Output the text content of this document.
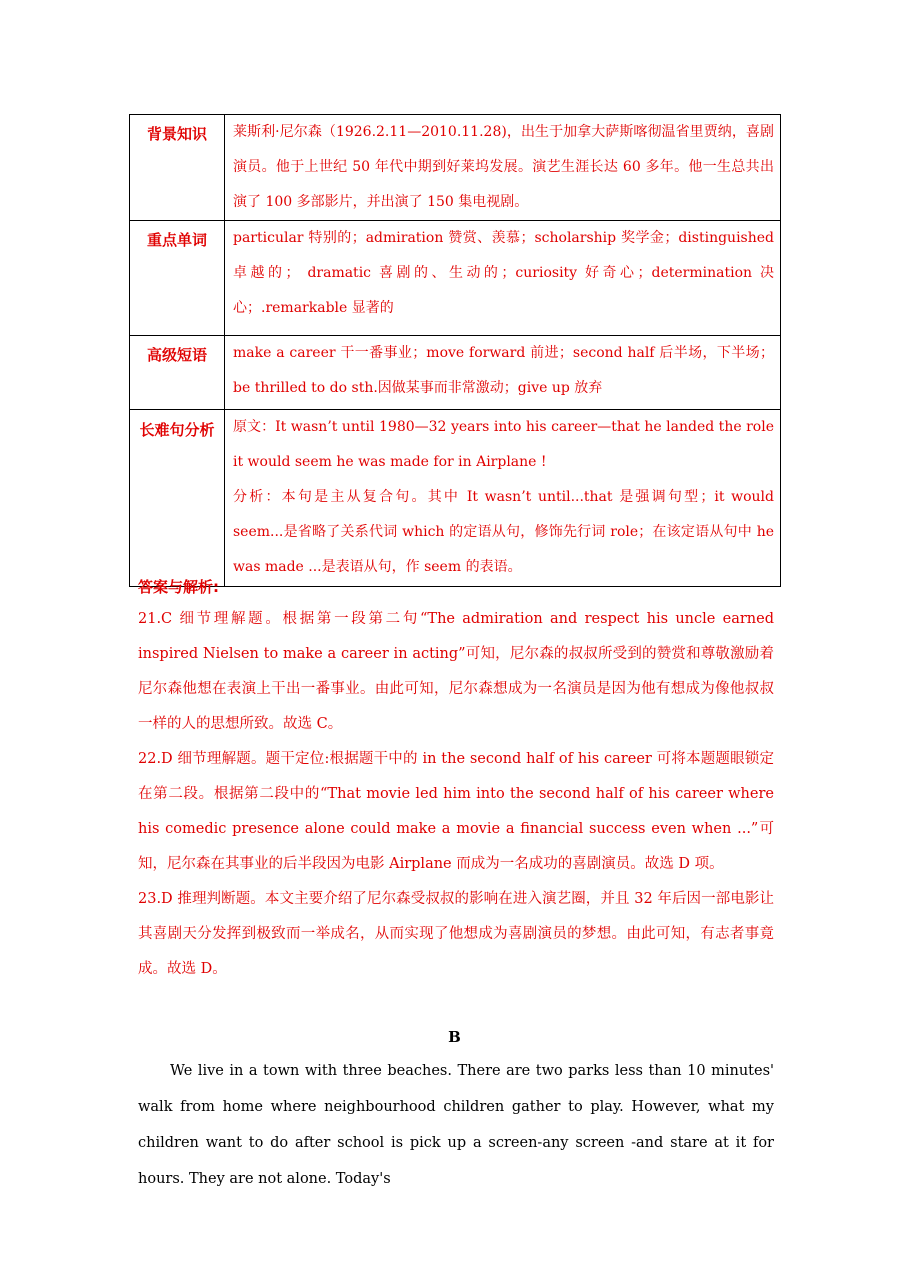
背景知识	莱斯利·尼尔森（1926.2.11—2010.11.28)，出生于加拿大萨斯喀彻温省里贾纳，喜剧演员。他于上世纪 50 年代中期到好莱坞发展。演艺生涯长达 60 多年。他一生总共出演了 100 多部影片，并出演了 150 集电视剧。
重点单词	particular 特别的；admiration 赞赏、羡慕；scholarship 奖学金；distinguished 卓越的； dramatic 喜剧的、生动的；curiosity 好奇心；determination 决心；.remarkable 显著的
高级短语	make a career 干一番事业；move forward 前进；second half 后半场，下半场；be thrilled to do sth.因做某事而非常激动；give up 放弃
长难句分析	原文：It wasn’t until 1980—32 years into his career—that he landed the role it would seem he was made for in Airplane !
分析：本句是主从复合句。其中 It wasn’t until...that 是强调句型；it would seem...是省略了关系代词 which 的定语从句，修饰先行词 role；在该定语从句中 he was made ...是表语从句，作 seem 的表语。
答案与解析:
21.C 细节理解题。根据第一段第二句“The admiration and respect his uncle earned inspired Nielsen to make a career in acting”可知，尼尔森的叔叔所受到的赞赏和尊敬激励着尼尔森他想在表演上干出一番事业。由此可知，尼尔森想成为一名演员是因为他有想成为像他叔叔一样的人的思想所致。故选 C。
22.D 细节理解题。题干定位:根据题干中的 in the second half of his career 可将本题题眼锁定在第二段。根据第二段中的“That movie led him into the second half of his career where his comedic presence alone could make a movie a financial success even when ...”可知，尼尔森在其事业的后半段因为电影 Airplane 而成为一名成功的喜剧演员。故选 D 项。
23.D 推理判断题。本文主要介绍了尼尔森受叔叔的影响在进入演艺圈，并且 32 年后因一部电影让其喜剧天分发挥到极致而一举成名，从而实现了他想成为喜剧演员的梦想。由此可知，有志者事竟成。故选 D。
B
We live in a town with three beaches. There are two parks less than 10 minutes' walk from home where neighbourhood children gather to play. However, what my children want to do after school is pick up a screen-any screen -and stare at it for hours. They are not alone. Today's
